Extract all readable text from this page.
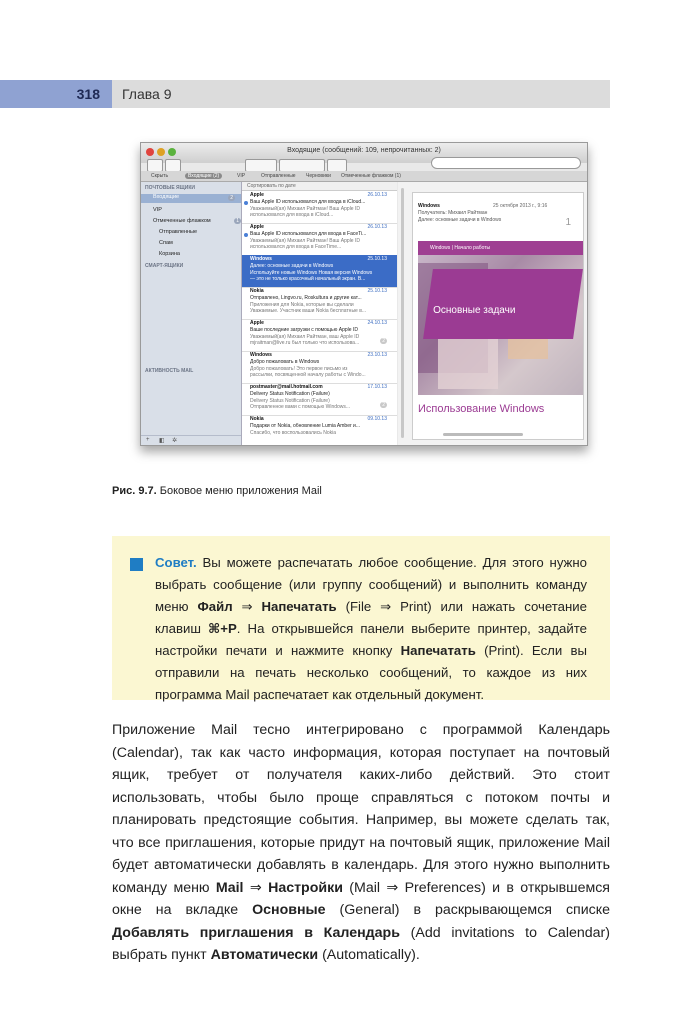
318 Глава 9
Входящие (сообщений: 109, непрочитанных: 2)
Скрыть	Входящие (2)	VIP	Отправленные Черновики Отмеченные флажком (1)
ПОЧТОВЫЕ ЯЩИКИ
Входящие	2
VIP
Отмеченные флажком	1
Отправленные
Спам
Корзина
СМАРТ-ЯЩИКИ
АКТИВНОСТЬ MAIL
+ ◧ ✲
Сортировать по дате
Apple	26.10.13
Ваш Apple ID использовался для входа в iCloud...
Уважаемый(ая) Михаил Райтман! Ваш Apple ID
использовался для входа в iCloud...
Apple	26.10.13
Ваш Apple ID использовался для входа в FaceTi...
Уважаемый(ая) Михаил Райтман! Ваш Apple ID
использовался для входа в FaceTime...
Windows	25.10.13
Далее: основные задачи в Windows
Используйте новые Windows Новая версия Windows
— это не только красочный начальный экран. В...
Nokia	25.10.13
Отправлено, Lingvo.ru, Roskultura и другие кат...
Приложения для Nokia, которые вы сделали
Уважаемые. Участник ваши Nokia бесплатные в...
Apple	24.10.13
Ваше последние загрузки с помощью Apple ID
Уважаемый(ая) Михаил Райтман, ваш Apple ID
mjraitman@live.ru был только что использова...	2
Windows	23.10.13
Добро пожаловать в Windows
Добро пожаловать! Это первое письмо из
рассылки, посвященной началу работы с Windo...
postmaster@mail.hotmail.com	17.10.13
Delivery Status Notification (Failure)
Delivery Status Notification (Failure)
Отправленное вами с помощью Windows...	2
Nokia	09.10.13
Подарки от Nokia, обновление Lumia Amber и...
Спасибо, что воспользовались Nokia
Windows	25 октября 2013 г., 9:16
Получатель: Михаил Райтман
Далее: основные задачи в Windows	1
Windows | Начало работы
Основные задачи
Использование Windows
Рис. 9.7. Боковое меню приложения Mail
Совет. Вы можете распечатать любое сообщение. Для этого нужно выбрать сообщение (или группу сообщений) и выполнить команду меню Файл ⇒ Напечатать (File ⇒ Print) или нажать сочетание клавиш ⌘+P. На открывшейся панели выберите принтер, задайте настройки печати и нажмите кнопку Напечатать (Print). Если вы отправили на печать несколько сообщений, то каждое из них программа Mail распечатает как отдельный документ.
Приложение Mail тесно интегрировано с программой Календарь (Calendar), так как часто информация, которая поступает на почтовый ящик, требует от получателя каких-либо действий. Это стоит использовать, чтобы было проще справляться с потоком почты и планировать предстоящие события. Например, вы можете сделать так, что все приглашения, которые придут на почтовый ящик, приложение Mail будет автоматически добавлять в календарь. Для этого нужно выполнить команду меню Mail ⇒ Настройки (Mail ⇒ Preferences) и в открывшемся окне на вкладке Основные (General) в раскрывающемся списке Добавлять приглашения в Календарь (Add invitations to Calendar) выбрать пункт Автоматически (Automatically).
